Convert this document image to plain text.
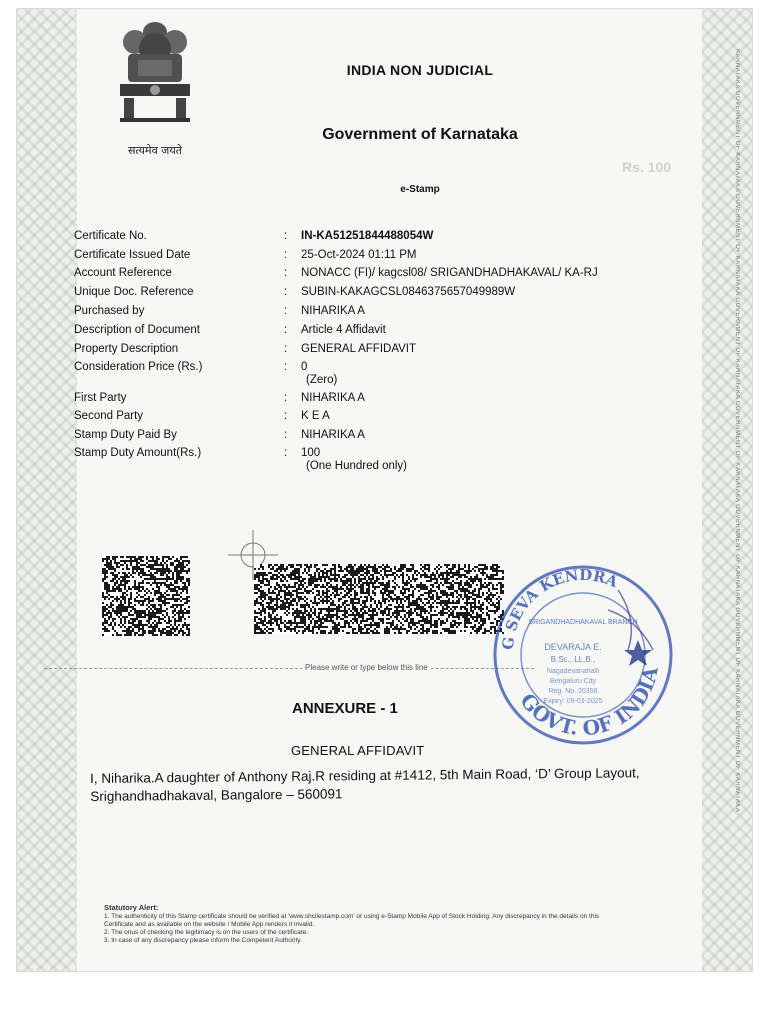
KARNATAKA GOVERNMENT OF KARNATAKA GOVERNMENT OF KARNATAKA GOVERNMENT OF KARNATAKA GOVERNMENT OF KARNATAKA GOVERNMENT OF KARNATAKA GOVERNMENT OF KARNATAKA GOVERNMENT OF KARNATAKA
Rs. 100
सत्यमेव जयते
INDIA NON JUDICIAL
Government of Karnataka
e-Stamp
Certificate No.	: IN-KA51251844488054W
Certificate Issued Date	: 25-Oct-2024 01:11 PM
Account Reference	: NONACC (FI)/ kagcsl08/ SRIGANDHADHAKAVAL/ KA-RJ
Unique Doc. Reference	: SUBIN-KAKAGCSL0846375657049989W
Purchased by	: NIHARIKA A
Description of Document	: Article 4 Affidavit
Property Description	: GENERAL AFFIDAVIT
Consideration Price (Rs.)	: 0
(Zero)
First Party	: NIHARIKA A
Second Party	: K E A
Stamp Duty Paid By	: NIHARIKA A
Stamp Duty Amount(Rs.)	: 100
(One Hundred only)
Please write or type below this line
G SEVA KENDRA
GOVT. OF INDIA
SRIGANDHADHAKAVAL BRANCH
DEVARAJA E.
B.Sc., LL.B.,
Nagadevanahalli
Bengaluru City
Reg. No. 20356
Expiry: 09-03-2025
ANNEXURE - 1
GENERAL AFFIDAVIT
I, Niharika.A daughter of Anthony Raj.R residing at #1412, 5th Main Road, ‘D’ Group Layout, Srighandhadhakaval, Bangalore – 560091
Statutory Alert:
1. The authenticity of this Stamp certificate should be verified at 'www.shcilestamp.com' or using e-Stamp Mobile App of Stock Holding. Any discrepancy in the details on this Certificate and as available on the website / Mobile App renders it invalid.
2. The onus of checking the legitimacy is on the users of the certificate.
3. In case of any discrepancy please inform the Competent Authority.
